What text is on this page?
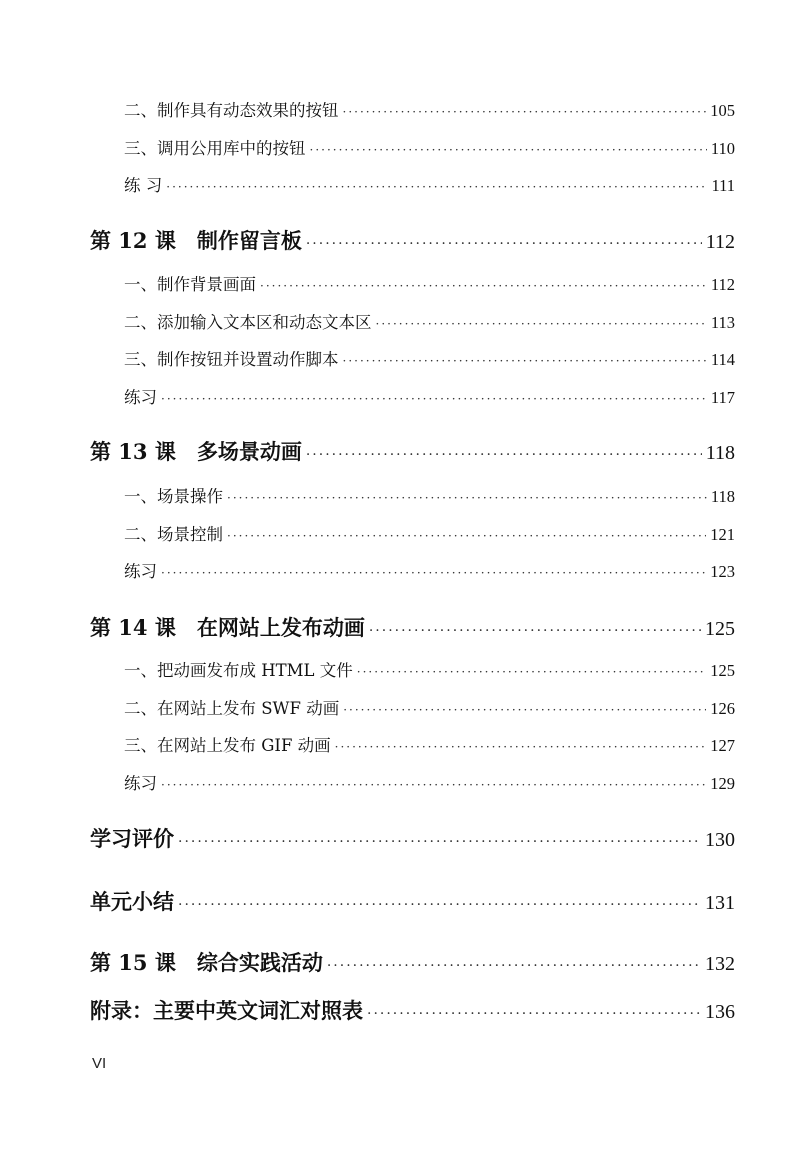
二、制作具有动态效果的按钮 ·····	105
三、调用公用库中的按钮 ·····	110
练 习 ·····	111
第 12 课　制作留言板 ·····	112
一、制作背景画面 ·····	112
二、添加输入文本区和动态文本区 ·····	113
三、制作按钮并设置动作脚本 ·····	114
练习 ·····	117
第 13 课　多场景动画 ·····	118
一、场景操作 ·····	118
二、场景控制 ·····	121
练习 ·····	123
第 14 课　在网站上发布动画 ·····	125
一、把动画发布成 HTML 文件 ·····	125
二、在网站上发布 SWF 动画 ·····	126
三、在网站上发布 GIF 动画 ·····	127
练习 ·····	129
学习评价 ·····	130
单元小结 ·····	131
第 15 课　综合实践活动 ·····	132
附录：主要中英文词汇对照表 ·····	136
VI
